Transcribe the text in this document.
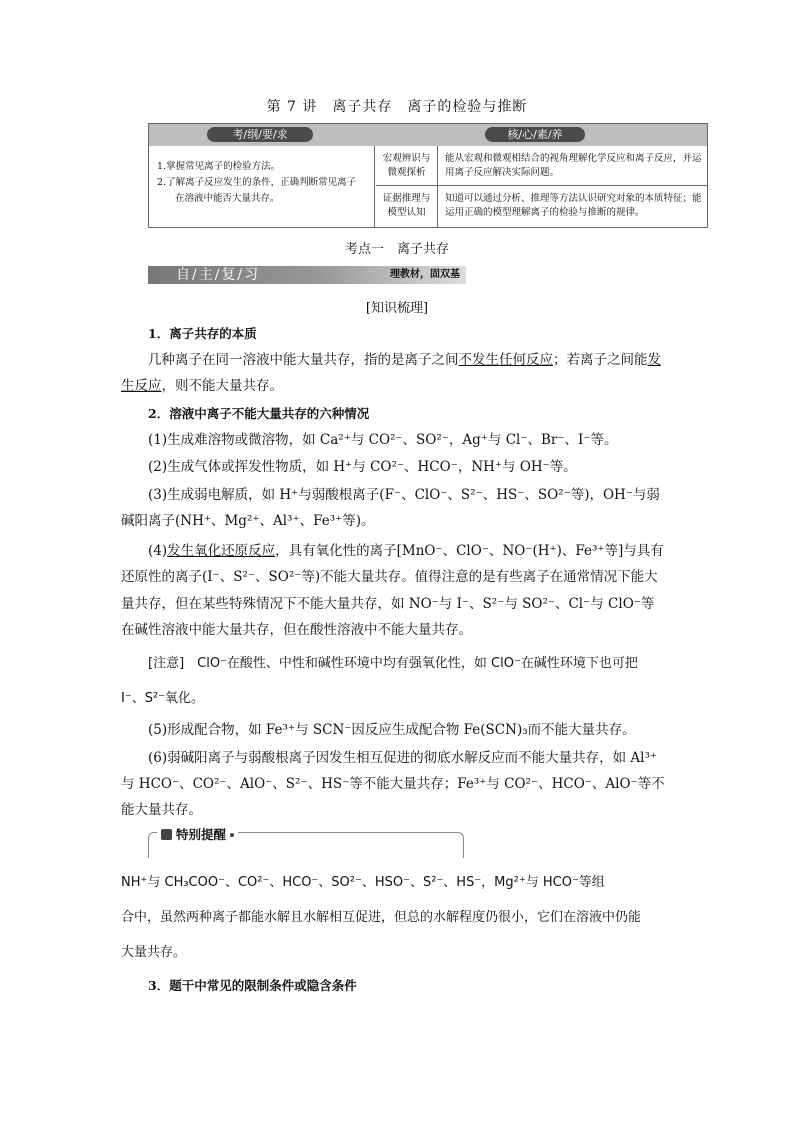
第 7 讲　离子共存　离子的检验与推断
考/纲/要/求	核/心/素/养
1.掌握常见离子的检验方法。
2.了解离子反应发生的条件，正确判断常见离子
在溶液中能否大量共存。
宏观辨识与
微观探析
证据推理与
模型认知
能从宏观和微观相结合的视角理解化学反应和离子反应，并运用离子反应解决实际问题。
知道可以通过分析、推理等方法认识研究对象的本质特征；能运用正确的模型理解离子的检验与推断的规律。
考点一　离子共存
自/主/复/习	理教材，固双基
[知识梳理]
1．离子共存的本质
几种离子在同一溶液中能大量共存，指的是离子之间不发生任何反应；若离子之间能发
生反应，则不能大量共存。
2．溶液中离子不能大量共存的六种情况
(1)生成难溶物或微溶物，如 Ca²⁺与 CO²⁻、SO²⁻，Ag⁺与 Cl⁻、Br⁻、I⁻等。
(2)生成气体或挥发性物质，如 H⁺与 CO²⁻、HCO⁻，NH⁺与 OH⁻等。
(3)生成弱电解质，如 H⁺与弱酸根离子(F⁻、ClO⁻、S²⁻、HS⁻、SO²⁻等)，OH⁻与弱
碱阳离子(NH⁺、Mg²⁺、Al³⁺、Fe³⁺等)。
(4)发生氧化还原反应，具有氧化性的离子[MnO⁻、ClO⁻、NO⁻(H⁺)、Fe³⁺等]与具有
还原性的离子(I⁻、S²⁻、SO²⁻等)不能大量共存。值得注意的是有些离子在通常情况下能大
量共存，但在某些特殊情况下不能大量共存，如 NO⁻与 I⁻、S²⁻与 SO²⁻、Cl⁻与 ClO⁻等
在碱性溶液中能大量共存，但在酸性溶液中不能大量共存。
[注意]　ClO⁻在酸性、中性和碱性环境中均有强氧化性，如 ClO⁻在碱性环境下也可把
I⁻、S²⁻氧化。
(5)形成配合物，如 Fe³⁺与 SCN⁻因反应生成配合物 Fe(SCN)₃而不能大量共存。
(6)弱碱阳离子与弱酸根离子因发生相互促进的彻底水解反应而不能大量共存，如 Al³⁺
与 HCO⁻、CO²⁻、AlO⁻、S²⁻、HS⁻等不能大量共存；Fe³⁺与 CO²⁻、HCO⁻、AlO⁻等不
能大量共存。
特别提醒
NH⁺与 CH₃COO⁻、CO²⁻、HCO⁻、SO²⁻、HSO⁻、S²⁻、HS⁻，Mg²⁺与 HCO⁻等组
合中，虽然两种离子都能水解且水解相互促进，但总的水解程度仍很小，它们在溶液中仍能
大量共存。
3．题干中常见的限制条件或隐含条件
